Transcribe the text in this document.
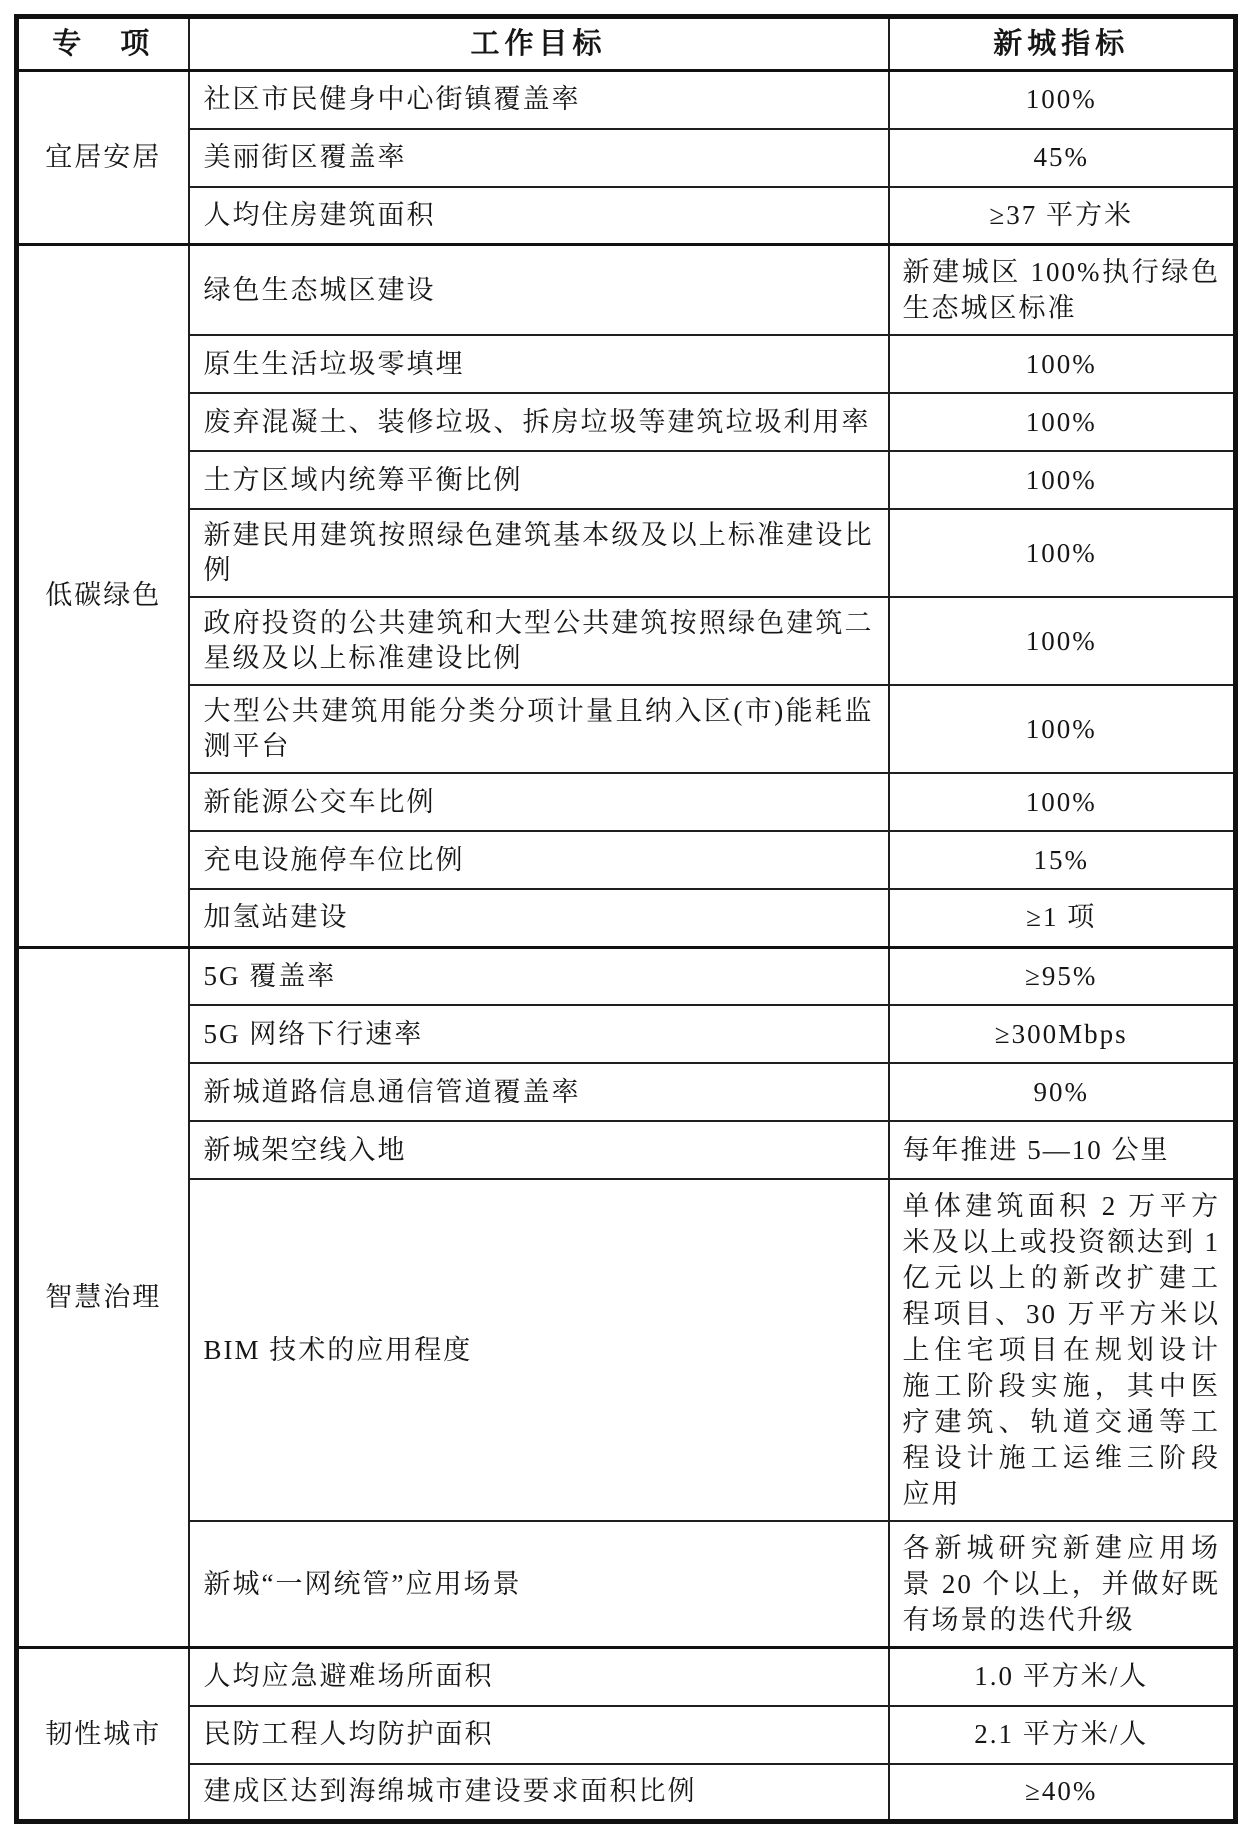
专　项	工作目标	新城指标
宜居安居	社区市民健身中心街镇覆盖率	100%
	美丽街区覆盖率	45%
	人均住房建筑面积	≥37 平方米
低碳绿色	绿色生态城区建设	新建城区 100%执行绿色生态城区标准
	原生生活垃圾零填埋	100%
	废弃混凝土、装修垃圾、拆房垃圾等建筑垃圾利用率	100%
	土方区域内统筹平衡比例	100%
	新建民用建筑按照绿色建筑基本级及以上标准建设比例	100%
	政府投资的公共建筑和大型公共建筑按照绿色建筑二星级及以上标准建设比例	100%
	大型公共建筑用能分类分项计量且纳入区(市)能耗监测平台	100%
	新能源公交车比例	100%
	充电设施停车位比例	15%
	加氢站建设	≥1 项
智慧治理	5G 覆盖率	≥95%
	5G 网络下行速率	≥300Mbps
	新城道路信息通信管道覆盖率	90%
	新城架空线入地	每年推进 5—10 公里
	BIM 技术的应用程度	单体建筑面积 2 万平方米及以上或投资额达到 1 亿元以上的新改扩建工程项目、30 万平方米以上住宅项目在规划设计施工阶段实施，其中医疗建筑、轨道交通等工程设计施工运维三阶段应用
	新城“一网统管”应用场景	各新城研究新建应用场景 20 个以上，并做好既有场景的迭代升级
韧性城市	人均应急避难场所面积	1.0 平方米/人
	民防工程人均防护面积	2.1 平方米/人
	建成区达到海绵城市建设要求面积比例	≥40%
